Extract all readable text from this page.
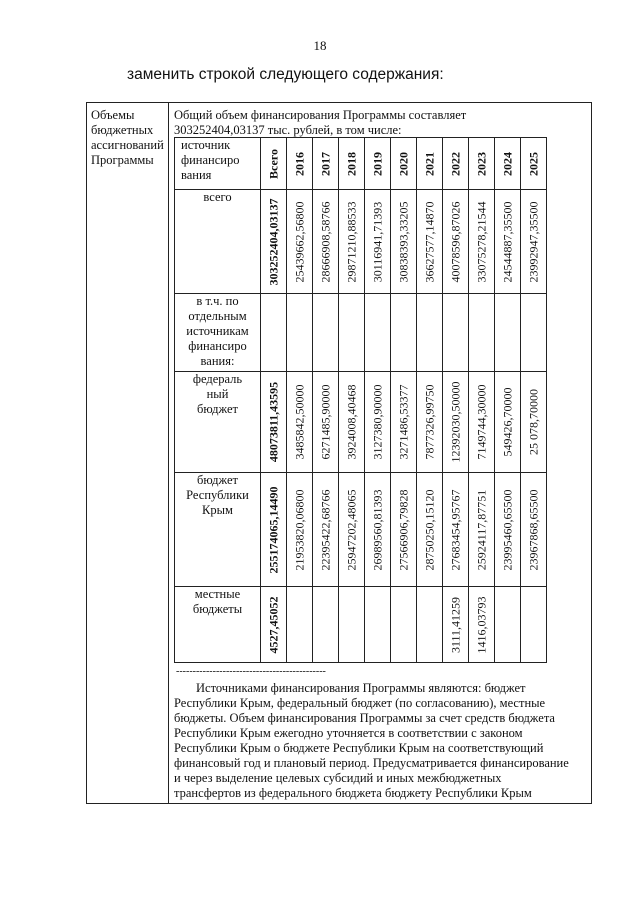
18
заменить строкой следующего содержания:
Объемы
бюджетных
ассигнований
Программы
Общий объем финансирования Программы составляет
303252404,03137 тыс. рублей, в том числе:
источник
финансиро
вания	Всего	2016	2017	2018	2019	2020	2021	2022	2023	2024	2025

всего	303252404,03137	25439662,56800	28666908,58766	29871210,88533	30116941,71393	30838393,33205	36627577,14870	40078596,87026	33075278,21544	24544887,35500	23992947,35500

в т.ч. по
отдельным
источникам
финансиро
вания:											

федераль
ный
бюджет	48073811,43595	3485842,50000	6271485,90000	3924008,40468	3127380,90000	3271486,53377	7877326,99750	12392030,50000	7149744,30000	549426,70000	25 078,70000

бюджет
Республики
Крым	255174065,14490	21953820,06800	22395422,68766	25947202,48065	26989560,81393	27566906,79828	28750250,15120	27683454,95767	25924117,87751	23995460,65500	23967868,65500

местные
бюджеты	4527,45052							3111,41259	1416,03793		

---------------------------------------------
Источниками финансирования Программы являются: бюджет
Республики Крым, федеральный бюджет (по согласованию), местные
бюджеты. Объем финансирования Программы за счет средств бюджета
Республики Крым ежегодно уточняется в соответствии с законом
Республики Крым о бюджете Республики Крым на соответствующий
финансовый год и плановый период. Предусматривается финансирование
и через выделение целевых субсидий и иных межбюджетных
трансфертов из федерального бюджета бюджету Республики Крым
